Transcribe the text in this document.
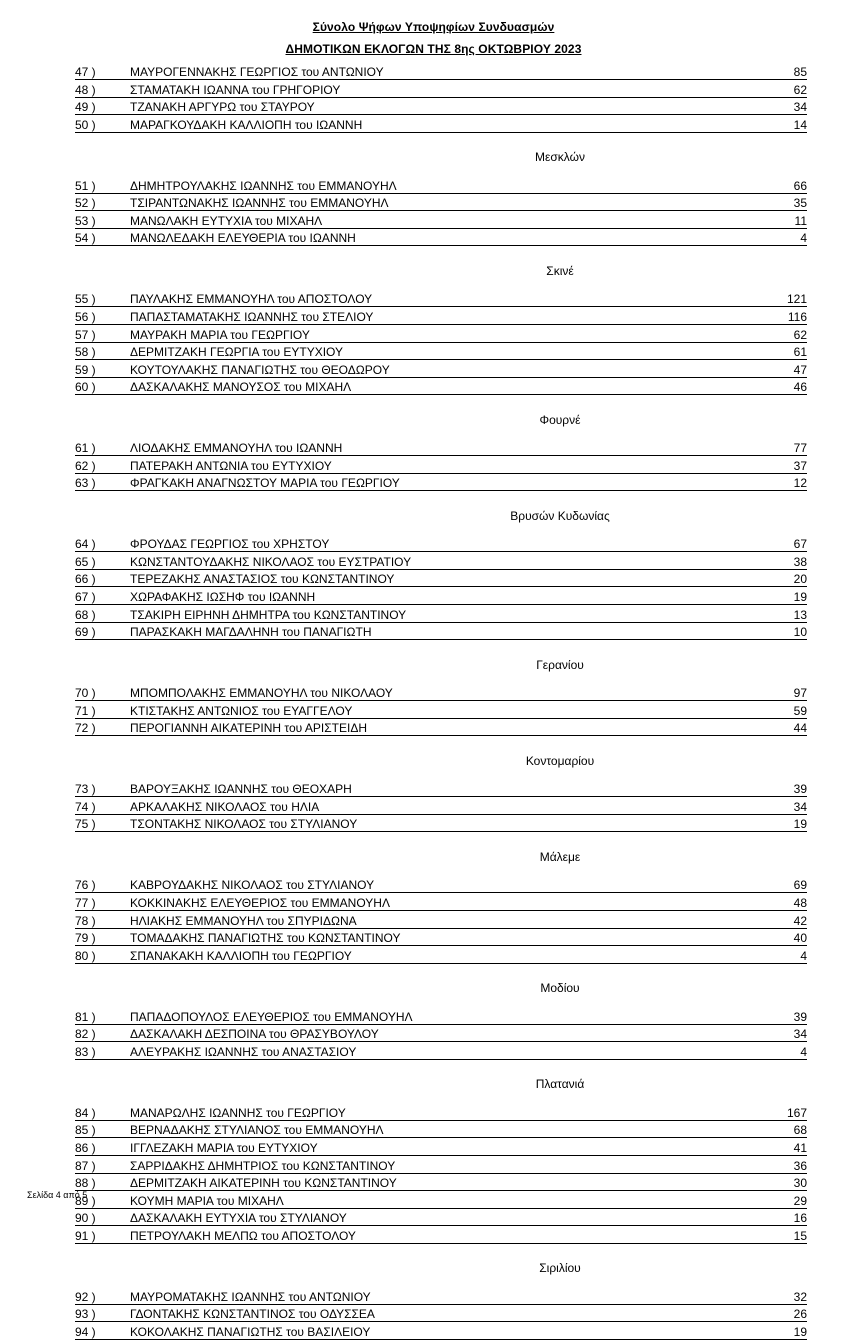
Σύνολο Ψήφων Υποψηφίων Συνδυασμών
ΔΗΜΟΤΙΚΩΝ ΕΚΛΟΓΩΝ ΤΗΣ 8ης ΟΚΤΩΒΡΙΟΥ 2023
47 )	ΜΑΥΡΟΓΕΝΝΑΚΗΣ ΓΕΩΡΓΙΟΣ του ΑΝΤΩΝΙΟΥ	85
48 )	ΣΤΑΜΑΤΑΚΗ ΙΩΑΝΝΑ του ΓΡΗΓΟΡΙΟΥ	62
49 )	ΤΖΑΝΑΚΗ ΑΡΓΥΡΩ του ΣΤΑΥΡΟΥ	34
50 )	ΜΑΡΑΓΚΟΥΔΑΚΗ ΚΑΛΛΙΟΠΗ του ΙΩΑΝΝΗ	14
Μεσκλών
51 )	ΔΗΜΗΤΡΟΥΛΑΚΗΣ ΙΩΑΝΝΗΣ του ΕΜΜΑΝΟΥΗΛ	66
52 )	ΤΣΙΡΑΝΤΩΝΑΚΗΣ ΙΩΑΝΝΗΣ του ΕΜΜΑΝΟΥΗΛ	35
53 )	ΜΑΝΩΛΑΚΗ ΕΥΤΥΧΙΑ του ΜΙΧΑΗΛ	11
54 )	ΜΑΝΩΛΕΔΑΚΗ ΕΛΕΥΘΕΡΙΑ του ΙΩΑΝΝΗ	4
Σκινέ
55 )	ΠΑΥΛΑΚΗΣ ΕΜΜΑΝΟΥΗΛ του ΑΠΟΣΤΟΛΟΥ	121
56 )	ΠΑΠΑΣΤΑΜΑΤΑΚΗΣ ΙΩΑΝΝΗΣ του ΣΤΕΛΙΟΥ	116
57 )	ΜΑΥΡΑΚΗ ΜΑΡΙΑ του ΓΕΩΡΓΙΟΥ	62
58 )	ΔΕΡΜΙΤΖΑΚΗ ΓΕΩΡΓΙΑ του ΕΥΤΥΧΙΟΥ	61
59 )	ΚΟΥΤΟΥΛΑΚΗΣ ΠΑΝΑΓΙΩΤΗΣ του ΘΕΟΔΩΡΟΥ	47
60 )	ΔΑΣΚΑΛΑΚΗΣ ΜΑΝΟΥΣΟΣ του ΜΙΧΑΗΛ	46
Φουρνέ
61 )	ΛΙΟΔΑΚΗΣ ΕΜΜΑΝΟΥΗΛ του ΙΩΑΝΝΗ	77
62 )	ΠΑΤΕΡΑΚΗ ΑΝΤΩΝΙΑ του ΕΥΤΥΧΙΟΥ	37
63 )	ΦΡΑΓΚΑΚΗ ΑΝΑΓΝΩΣΤΟΥ ΜΑΡΙΑ του ΓΕΩΡΓΙΟΥ	12
Βρυσών Κυδωνίας
64 )	ΦΡΟΥΔΑΣ ΓΕΩΡΓΙΟΣ του ΧΡΗΣΤΟΥ	67
65 )	ΚΩΝΣΤΑΝΤΟΥΔΑΚΗΣ ΝΙΚΟΛΑΟΣ του ΕΥΣΤΡΑΤΙΟΥ	38
66 )	ΤΕΡΕΖΑΚΗΣ ΑΝΑΣΤΑΣΙΟΣ του ΚΩΝΣΤΑΝΤΙΝΟΥ	20
67 )	ΧΩΡΑΦΑΚΗΣ ΙΩΣΗΦ του ΙΩΑΝΝΗ	19
68 )	ΤΣΑΚΙΡΗ ΕΙΡΗΝΗ ΔΗΜΗΤΡΑ του ΚΩΝΣΤΑΝΤΙΝΟΥ	13
69 )	ΠΑΡΑΣΚΑΚΗ ΜΑΓΔΑΛΗΝΗ του ΠΑΝΑΓΙΩΤΗ	10
Γερανίου
70 )	ΜΠΟΜΠΟΛΑΚΗΣ ΕΜΜΑΝΟΥΗΛ του ΝΙΚΟΛΑΟΥ	97
71 )	ΚΤΙΣΤΑΚΗΣ ΑΝΤΩΝΙΟΣ του ΕΥΑΓΓΕΛΟΥ	59
72 )	ΠΕΡΟΓΙΑΝΝΗ ΑΙΚΑΤΕΡΙΝΗ του ΑΡΙΣΤΕΙΔΗ	44
Κοντομαρίου
73 )	ΒΑΡΟΥΞΑΚΗΣ ΙΩΑΝΝΗΣ του ΘΕΟΧΑΡΗ	39
74 )	ΑΡΚΑΛΑΚΗΣ ΝΙΚΟΛΑΟΣ του ΗΛΙΑ	34
75 )	ΤΣΟΝΤΑΚΗΣ ΝΙΚΟΛΑΟΣ του ΣΤΥΛΙΑΝΟΥ	19
Μάλεμε
76 )	ΚΑΒΡΟΥΔΑΚΗΣ ΝΙΚΟΛΑΟΣ του ΣΤΥΛΙΑΝΟΥ	69
77 )	ΚΟΚΚΙΝΑΚΗΣ ΕΛΕΥΘΕΡΙΟΣ του ΕΜΜΑΝΟΥΗΛ	48
78 )	ΗΛΙΑΚΗΣ ΕΜΜΑΝΟΥΗΛ του ΣΠΥΡΙΔΩΝΑ	42
79 )	ΤΟΜΑΔΑΚΗΣ ΠΑΝΑΓΙΩΤΗΣ του ΚΩΝΣΤΑΝΤΙΝΟΥ	40
80 )	ΣΠΑΝΑΚΑΚΗ ΚΑΛΛΙΟΠΗ του ΓΕΩΡΓΙΟΥ	4
Μοδίου
81 )	ΠΑΠΑΔΟΠΟΥΛΟΣ ΕΛΕΥΘΕΡΙΟΣ του ΕΜΜΑΝΟΥΗΛ	39
82 )	ΔΑΣΚΑΛΑΚΗ ΔΕΣΠΟΙΝΑ του ΘΡΑΣΥΒΟΥΛΟΥ	34
83 )	ΑΛΕΥΡΑΚΗΣ ΙΩΑΝΝΗΣ του ΑΝΑΣΤΑΣΙΟΥ	4
Πλατανιά
84 )	ΜΑΝΑΡΩΛΗΣ ΙΩΑΝΝΗΣ του ΓΕΩΡΓΙΟΥ	167
85 )	ΒΕΡΝΑΔΑΚΗΣ ΣΤΥΛΙΑΝΟΣ του ΕΜΜΑΝΟΥΗΛ	68
86 )	ΙΓΓΛΕΖΑΚΗ ΜΑΡΙΑ του ΕΥΤΥΧΙΟΥ	41
87 )	ΣΑΡΡΙΔΑΚΗΣ ΔΗΜΗΤΡΙΟΣ του ΚΩΝΣΤΑΝΤΙΝΟΥ	36
88 )	ΔΕΡΜΙΤΖΑΚΗ ΑΙΚΑΤΕΡΙΝΗ του ΚΩΝΣΤΑΝΤΙΝΟΥ	30
89 )	ΚΟΥΜΗ ΜΑΡΙΑ του ΜΙΧΑΗΛ	29
90 )	ΔΑΣΚΑΛΑΚΗ ΕΥΤΥΧΙΑ του ΣΤΥΛΙΑΝΟΥ	16
91 )	ΠΕΤΡΟΥΛΑΚΗ ΜΕΛΠΩ του ΑΠΟΣΤΟΛΟΥ	15
Σιριλίου
92 )	ΜΑΥΡΟΜΑΤΑΚΗΣ ΙΩΑΝΝΗΣ του ΑΝΤΩΝΙΟΥ	32
93 )	ΓΔΟΝΤΑΚΗΣ ΚΩΝΣΤΑΝΤΙΝΟΣ του ΟΔΥΣΣΕΑ	26
94 )	ΚΟΚΟΛΑΚΗΣ ΠΑΝΑΓΙΩΤΗΣ του ΒΑΣΙΛΕΙΟΥ	19
Σελίδα 4 από 5
